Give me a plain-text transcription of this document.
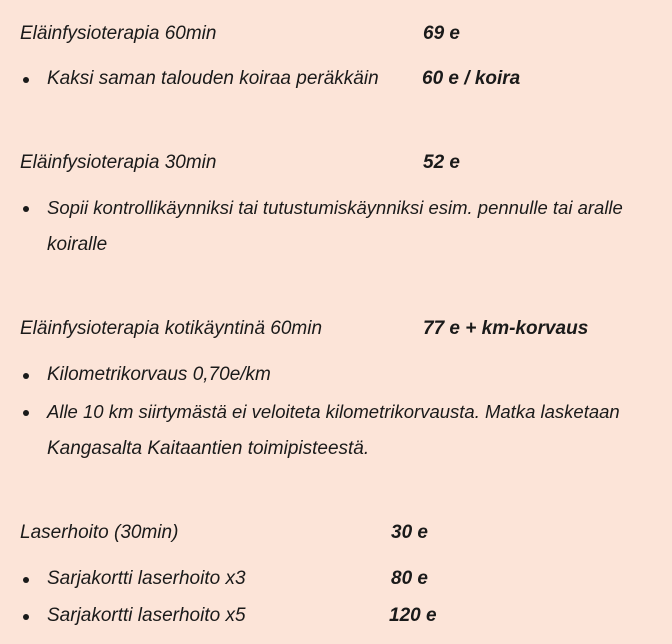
Eläinfysioterapia 60min	69 e
Kaksi saman talouden koiraa peräkkäin 60 e / koira
Eläinfysioterapia 30min	52 e
Sopii kontrollikäynniksi tai tutustumiskäynniksi esim. pennulle tai aralle
koiralle
Eläinfysioterapia kotikäyntinä 60min	77 e + km-korvaus
Kilometrikorvaus 0,70e/km
Alle 10 km siirtymästä ei veloiteta kilometrikorvausta. Matka lasketaan
Kangasalta Kaitaantien toimipisteestä.
Laserhoito (30min)	30 e
Sarjakortti laserhoito x3	80 e
Sarjakortti laserhoito x5	120 e
